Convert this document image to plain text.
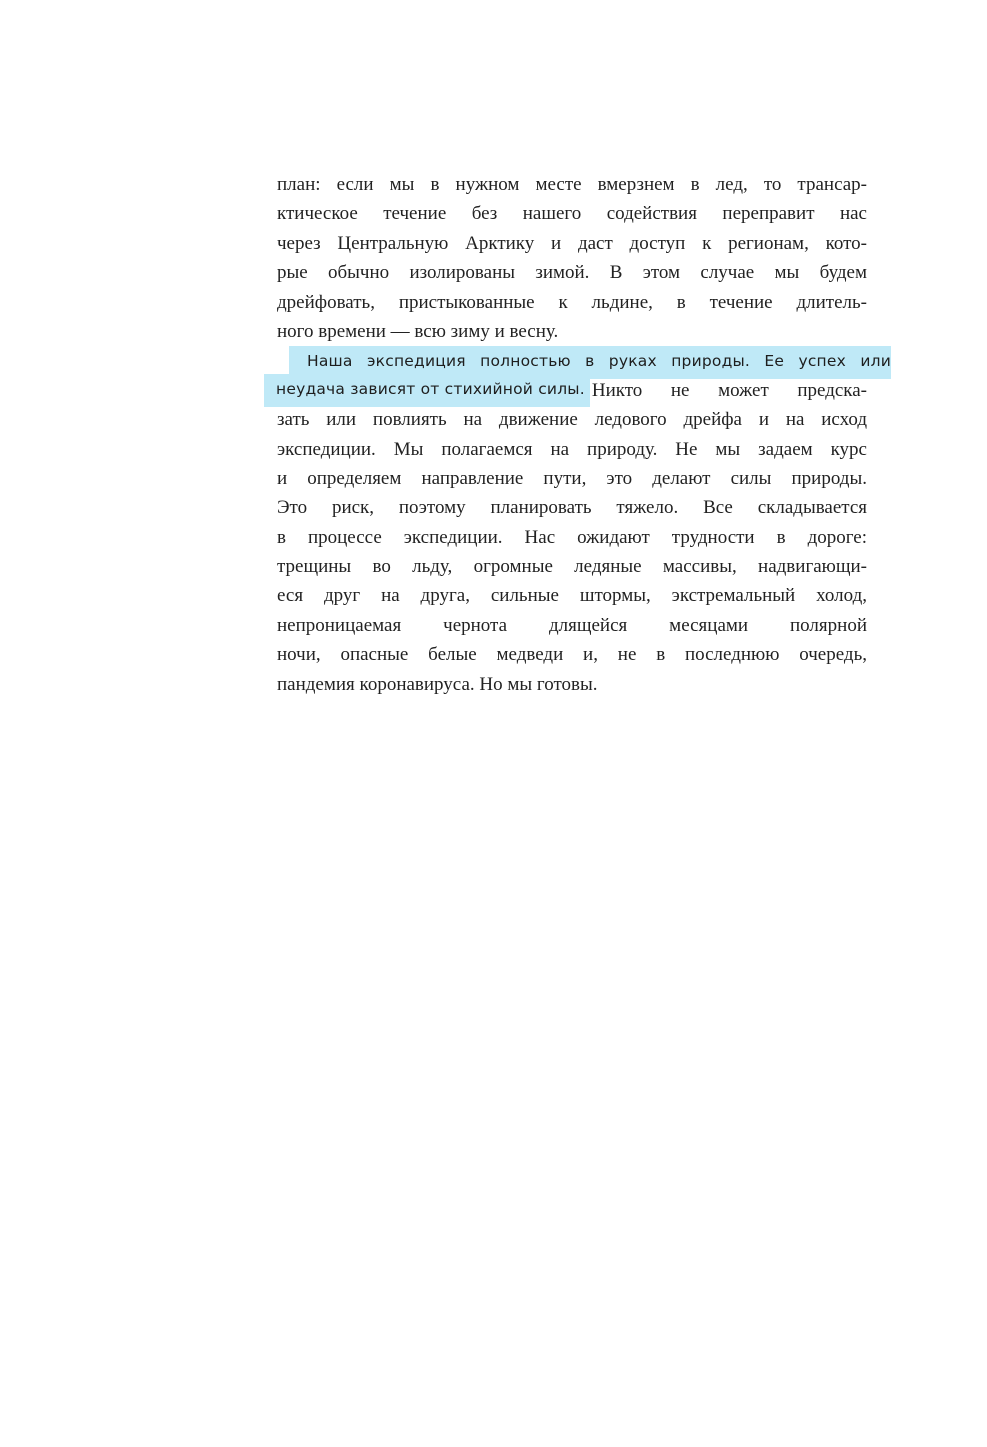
план: если мы в нужном месте вмерзнем в лед, то трансар-
ктическое течение без нашего содействия переправит нас
через Центральную Арктику и даст доступ к регионам, кото-
рые обычно изолированы зимой. В этом случае мы будем
дрейфовать, пристыкованные к льдине, в течение длитель-
ного времени — всю зиму и весну.
Наша экспедиция полностью в руках природы. Ее успех или
неудача зависят от стихийной силы. Никто не может предска-
зать или повлиять на движение ледового дрейфа и на исход
экспедиции. Мы полагаемся на природу. Не мы задаем курс
и определяем направление пути, это делают силы природы.
Это риск, поэтому планировать тяжело. Все складывается
в процессе экспедиции. Нас ожидают трудности в дороге:
трещины во льду, огромные ледяные массивы, надвигающи-
еся друг на друга, сильные штормы, экстремальный холод,
непроницаемая чернота длящейся месяцами полярной
ночи, опасные белые медведи и, не в последнюю очередь,
пандемия коронавируса. Но мы готовы.
